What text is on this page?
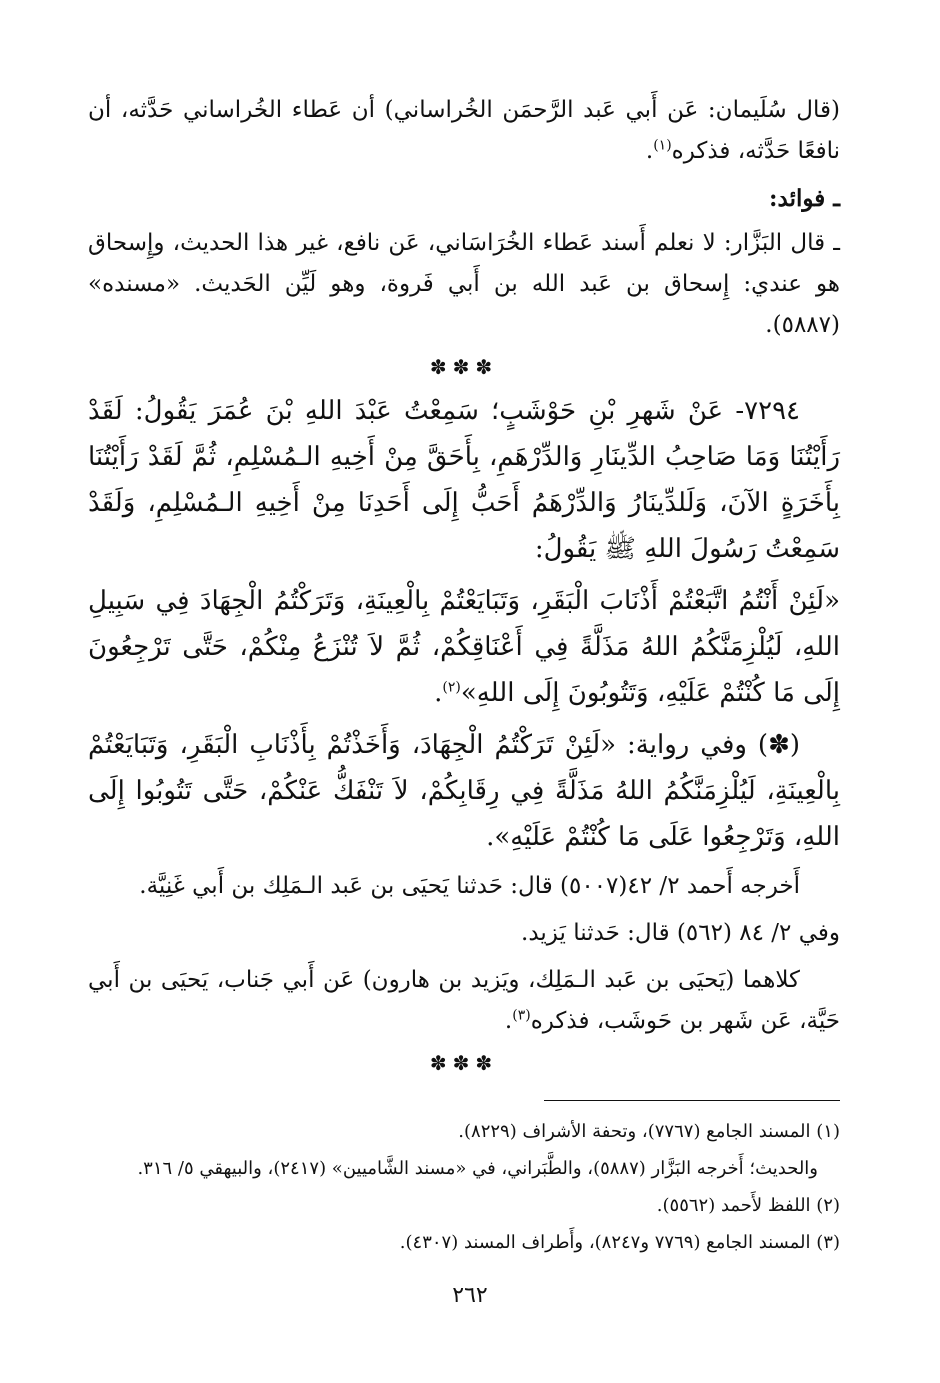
(قال سُلَيمان: عَن أَبي عَبد الرَّحمَن الخُراساني) أن عَطاء الخُراساني حَدَّثه، أن نافعًا حَدَّثه، فذكره$^{(١)}$.

ـ فوائد:

ـ قال البَزَّار: لا نعلم أَسند عَطاء الخُرَاسَاني، عَن نافع، غير هذا الحديث، وإِسحاق هو عندي: إِسحاق بن عَبد الله بن أَبي فَروة، وهو لَيِّن الحَديث. «مسنده» (٥٨٨٧).

✽✽✽

٧٢٩٤- عَنْ شَهرِ بْنِ حَوْشَبٍ؛ سَمِعْتُ عَبْدَ اللهِ بْنَ عُمَرَ يَقُولُ: لَقَدْ رَأَيْتُنَا وَمَا صَاحِبُ الدِّينَارِ وَالدِّرْهَمِ، بِأَحَقَّ مِنْ أَخِيهِ الـمُسْلِمِ، ثُمَّ لَقَدْ رَأَيْتُنَا بِأَخَرَةٍ الآنَ، وَلَلدِّينَارُ وَالدِّرْهَمُ أَحَبُّ إِلَى أَحَدِنَا مِنْ أَخِيهِ الـمُسْلِمِ، وَلَقَدْ سَمِعْتُ رَسُولَ اللهِ ﷺ يَقُولُ:

«لَئِنْ أَنْتُمُ اتَّبَعْتُمْ أَذْنَابَ الْبَقَرِ، وَتَبَايَعْتُمْ بِالْعِينَةِ، وَتَرَكْتُمُ الْجِهَادَ فِي سَبِيلِ اللهِ، لَيُلْزِمَنَّكُمُ اللهُ مَذَلَّةً فِي أَعْنَاقِكُمْ، ثُمَّ لاَ تُنْزَعُ مِنْكُمْ، حَتَّى تَرْجِعُونَ إِلَى مَا كُنْتُمْ عَلَيْهِ، وَتَتُوبُونَ إِلَى اللهِ»$^{(٢)}$.

(✽) وفي رواية: «لَئِنْ تَرَكْتُمُ الْجِهَادَ، وَأَخَذْتُمْ بِأَذْنَابِ الْبَقَرِ، وَتَبَايَعْتُمْ بِالْعِينَةِ، لَيُلْزِمَنَّكُمُ اللهُ مَذَلَّةً فِي رِقَابِكُمْ، لاَ تَنْفَكُّ عَنْكُمْ، حَتَّى تَتُوبُوا إِلَى اللهِ، وَتَرْجِعُوا عَلَى مَا كُنْتُمْ عَلَيْهِ».

أَخرجه أَحمد ٢/ ٤٢(٥٠٠٧) قال: حَدثنا يَحيَى بن عَبد الـمَلِك بن أَبي غَنِيَّة.

وفي ٢/ ٨٤ (٥٦٢) قال: حَدثنا يَزيد.

كلاهما (يَحيَى بن عَبد الـمَلِك، ويَزيد بن هارون) عَن أَبي جَناب، يَحيَى بن أَبي حَيَّة، عَن شَهر بن حَوشَب، فذكره$^{(٣)}$.

✽✽✽

(١) المسند الجامع (٧٧٦٧)، وتحفة الأشراف (٨٢٢٩).

والحديث؛ أَخرجه البَزَّار (٥٨٨٧)، والطَّبَراني، في «مسند الشَّاميين» (٢٤١٧)، والبيهقي ٥/ ٣١٦.

(٢) اللفظ لأَحمد (٥٥٦٢).

(٣) المسند الجامع (٧٧٦٩ و٨٢٤٧)، وأَطراف المسند (٤٣٠٧).

٢٦٢
